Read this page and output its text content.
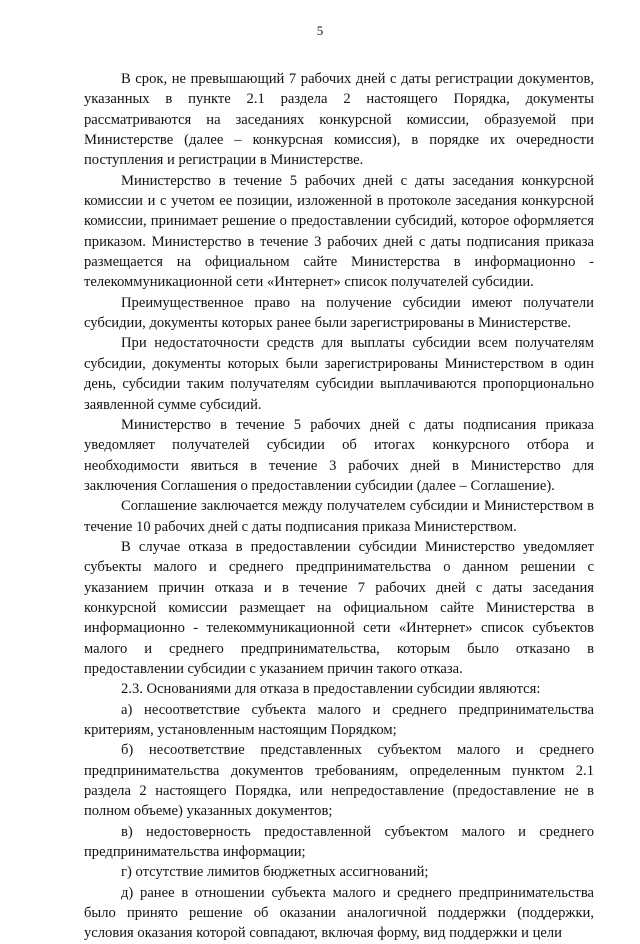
5

В срок, не превышающий 7 рабочих дней с даты регистрации документов, указанных в пункте 2.1 раздела 2 настоящего Порядка, документы рассматриваются на заседаниях конкурсной комиссии, образуемой при Министерстве (далее – конкурсная комиссия), в порядке их очередности поступления и регистрации в Министерстве.

Министерство в течение 5 рабочих дней с даты заседания конкурсной комиссии и с учетом ее позиции, изложенной в протоколе заседания конкурсной комиссии, принимает решение о предоставлении субсидий, которое оформляется приказом. Министерство в течение 3 рабочих дней с даты подписания приказа размещается на официальном сайте Министерства в информационно - телекоммуникационной сети «Интернет» список получателей субсидии.

Преимущественное право на получение субсидии имеют получатели субсидии, документы которых ранее были зарегистрированы в Министерстве.

При недостаточности средств для выплаты субсидии всем получателям субсидии, документы которых были зарегистрированы Министерством в один день, субсидии таким получателям субсидии выплачиваются пропорционально заявленной сумме субсидий.

Министерство в течение 5 рабочих дней с даты подписания приказа уведомляет получателей субсидии об итогах конкурсного отбора и необходимости явиться в течение 3 рабочих дней в Министерство для заключения Соглашения о предоставлении субсидии (далее – Соглашение).

Соглашение заключается между получателем субсидии и Министерством в течение 10 рабочих дней с даты подписания приказа Министерством.

В случае отказа в предоставлении субсидии Министерство уведомляет субъекты малого и среднего предпринимательства о данном решении с указанием причин отказа и в течение 7 рабочих дней с даты заседания конкурсной комиссии размещает на официальном сайте Министерства в информационно - телекоммуникационной сети «Интернет» список субъектов малого и среднего предпринимательства, которым было отказано в предоставлении субсидии с указанием причин такого отказа.

2.3. Основаниями для отказа в предоставлении субсидии являются:

а) несоответствие субъекта малого и среднего предпринимательства критериям, установленным настоящим Порядком;

б) несоответствие представленных субъектом малого и среднего предпринимательства документов требованиям, определенным пунктом 2.1 раздела 2 настоящего Порядка, или непредоставление (предоставление не в полном объеме) указанных документов;

в) недостоверность предоставленной субъектом малого и среднего предпринимательства информации;

г) отсутствие лимитов бюджетных ассигнований;

д) ранее в отношении субъекта малого и среднего предпринимательства было принято решение об оказании аналогичной поддержки (поддержки, условия оказания которой совпадают, включая форму, вид поддержки и цели
